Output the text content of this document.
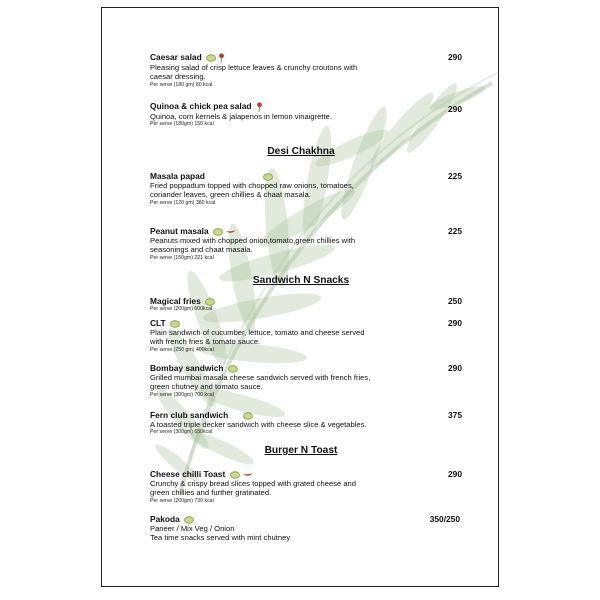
Caesar salad
Pleasing salad of crisp lettuce leaves & crunchy croutons with
caesar dressing.
Per serve (180 gm) 80 kcal
290
Quinoa & chick pea salad
Quinoa, corn kernels & jalapenos in lemon vinaigrette.
Per serve (180gm) 150 kcal
290
Desi Chakhna
Masala papad
Fried poppadum topped with chopped raw onions, tomatoes,
coriander leaves, green chillies & chaat masala.
Per serve (120 gm) 380 kcal
225
Peanut masala
Peanuts mixed with chopped onion,tomato,green chillies with
seasonings and chaat masala.
Per serve (150gm) 221 kcal
225
Sandwich N Snacks
Magical fries
Per serve (200gm) 600kcal
250
CLT
Plain sandwich of cucumber, lettuce, tomato and cheese served
with french fries & tomato sauce.
Per serve (250 gm) 400kcal
290
Bombay sandwich
Grilled mumbai masala cheese sandwich served with french fries,
green chutney and tomato sauce.
Per serve (300gm) 700 kcal
290
Fern club sandwich
A toasted triple decker sandwich with cheese slice & vegetables.
Per serve (300gm) 650kcal
375
Burger N Toast
Cheese chilli Toast
Crunchy & crispy bread slices topped with grated cheese and
green chillies and further gratinated.
Per serve (200gm) 730 kcal
290
Pakoda
Paneer / Mix Veg / Onion
Tea time snacks served with mint chutney
350/250
